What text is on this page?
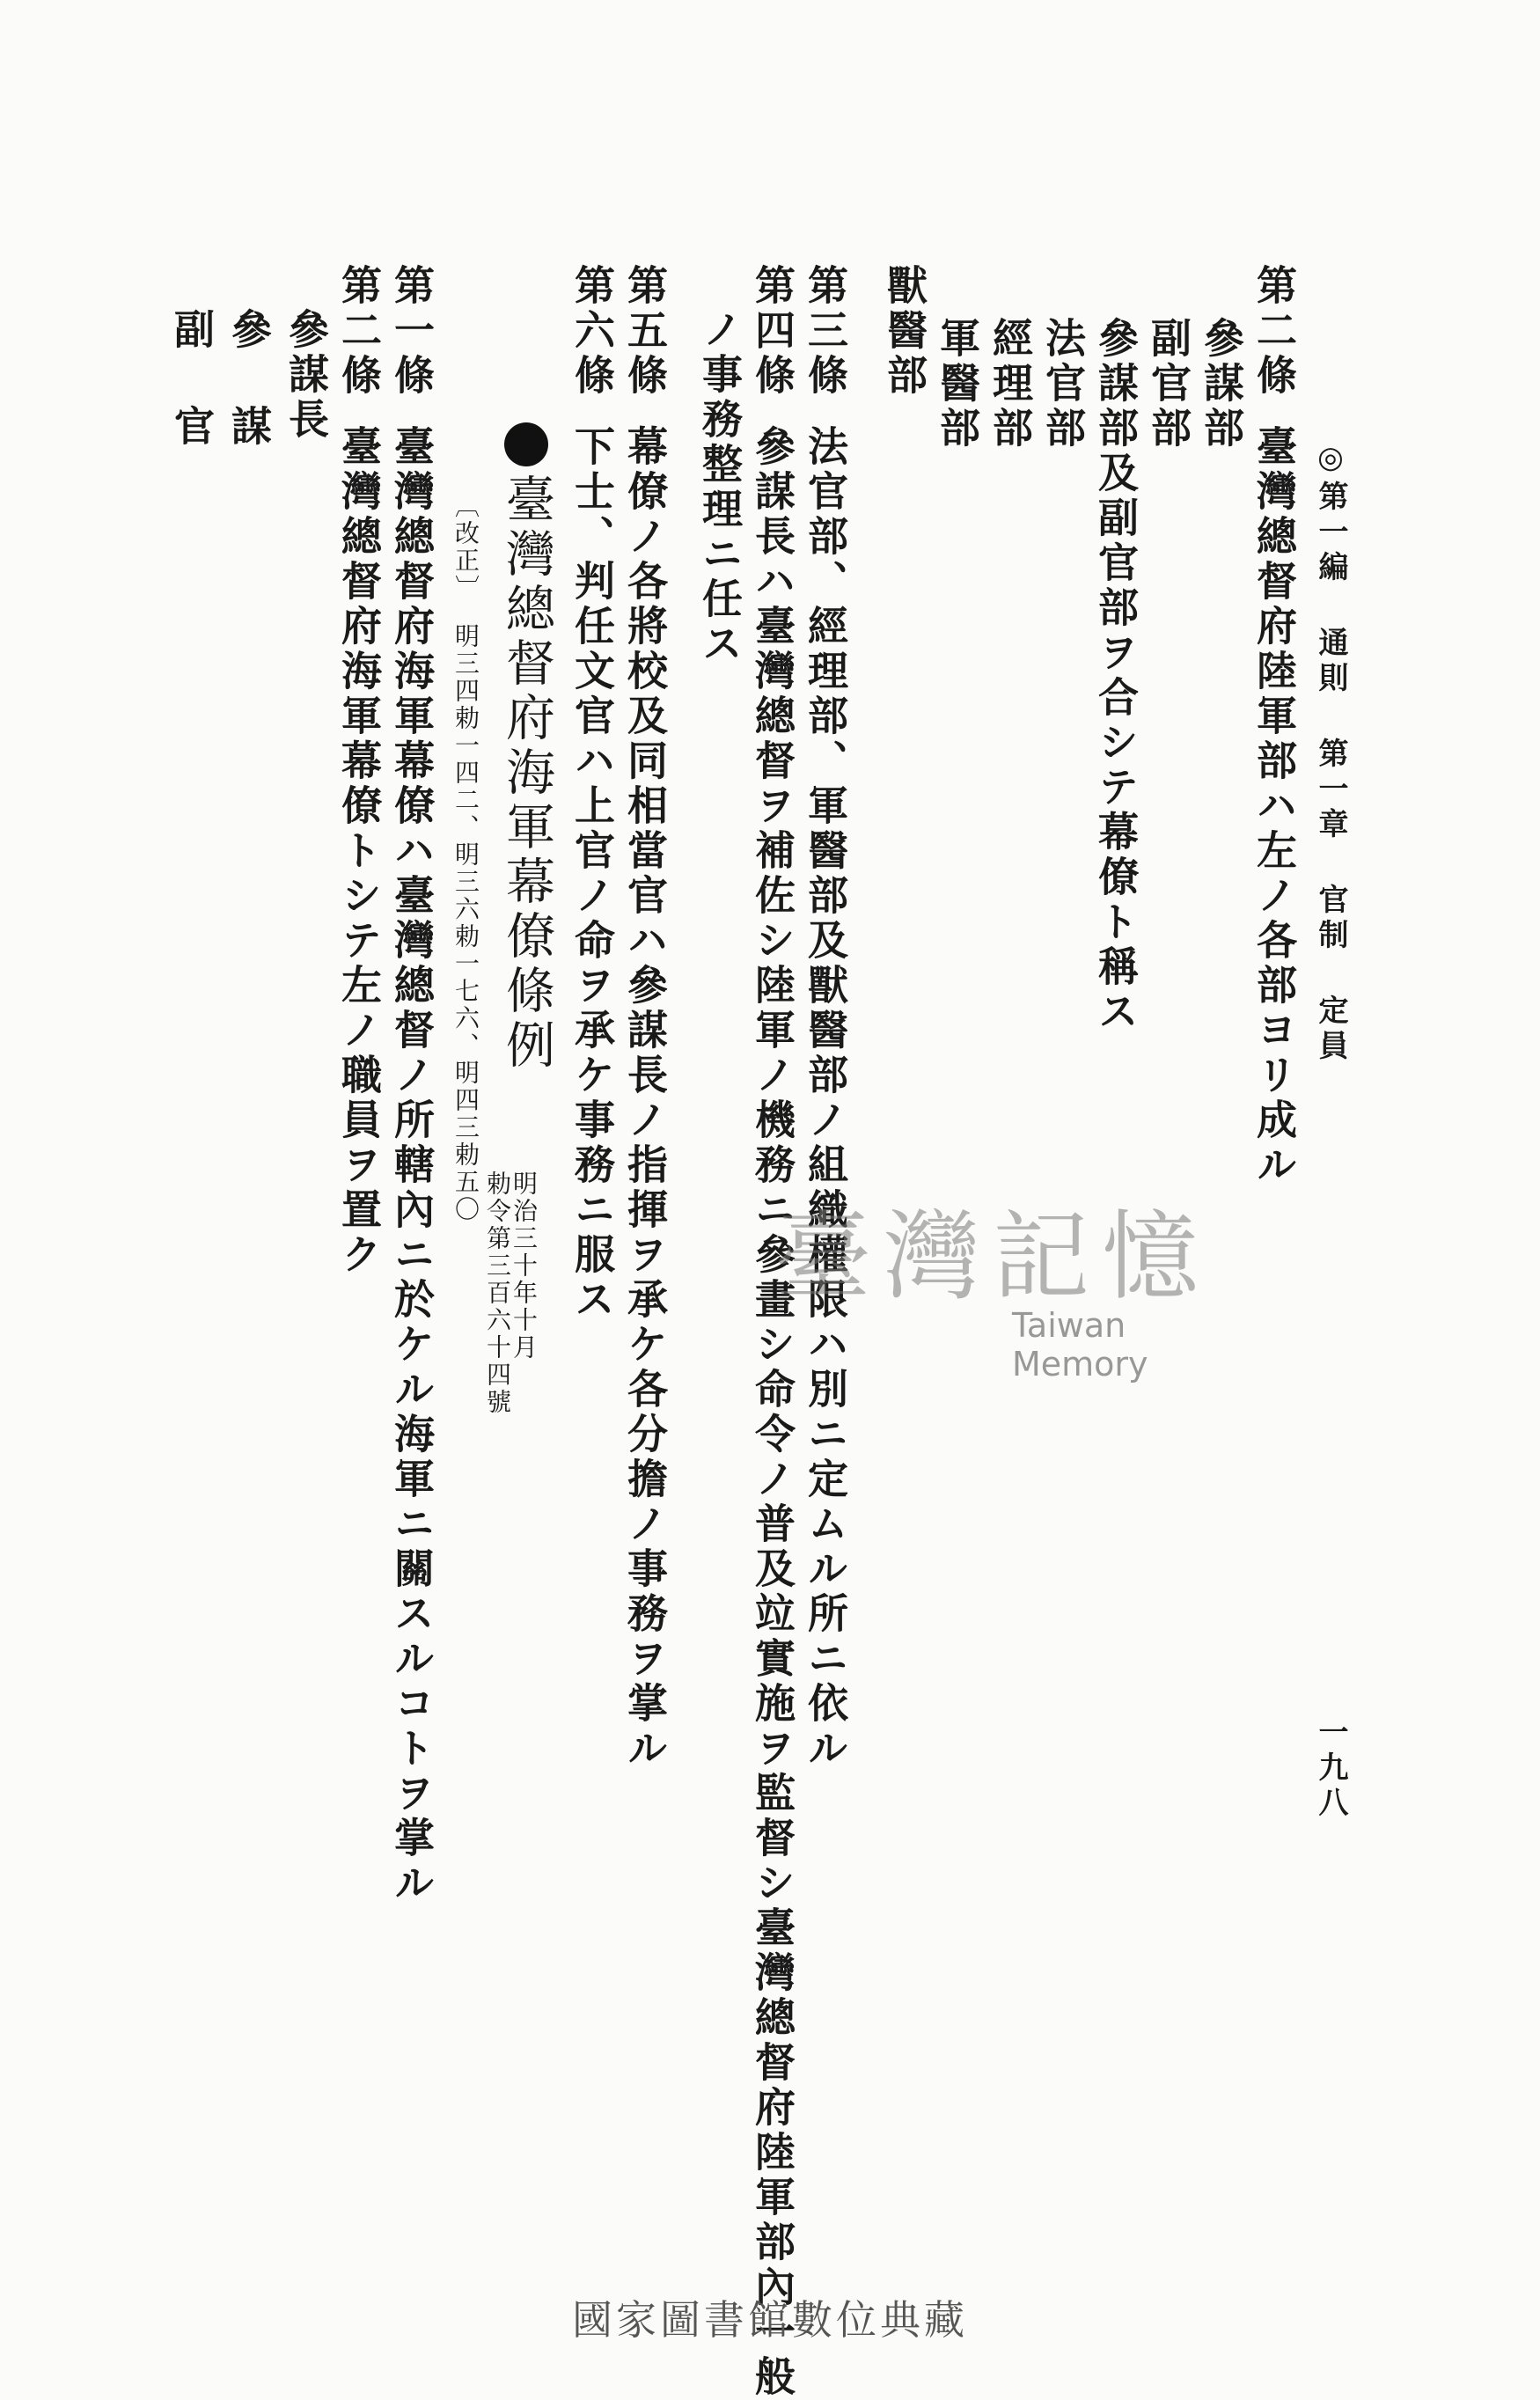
◎第一編 通則 第一章 官制 定員
一九八
第二條臺灣總督府陸軍部ハ左ノ各部ヨリ成ル
參謀部
副官部
參謀部及副官部ヲ合シテ幕僚ト稱ス
法官部
經理部
軍醫部
獸醫部
第三條法官部、經理部、軍醫部及獸醫部ノ組織權限ハ別ニ定ムル所ニ依ル
第四條參謀長ハ臺灣總督ヲ補佐シ陸軍ノ機務ニ參畫シ命令ノ普及竝實施ヲ監督シ臺灣總督府陸軍部內一般
ノ事務整理ニ任ス
第五條幕僚ノ各將校及同相當官ハ參謀長ノ指揮ヲ承ケ各分擔ノ事務ヲ掌ル
第六條下士、判任文官ハ上官ノ命ヲ承ケ事務ニ服ス
臺灣總督府海軍幕僚條例
明治三十年十月
勅令第三百六十四號
〔改正〕明三四勅一四二、明三六勅一七六、明四三勅五〇
第一條臺灣總督府海軍幕僚ハ臺灣總督ノ所轄內ニ於ケル海軍ニ關スルコトヲ掌ル
第二條臺灣總督府海軍幕僚トシテ左ノ職員ヲ置ク
參謀長
參 謀
副 官
臺灣記憶
Taiwan Memory
國家圖書館數位典藏
